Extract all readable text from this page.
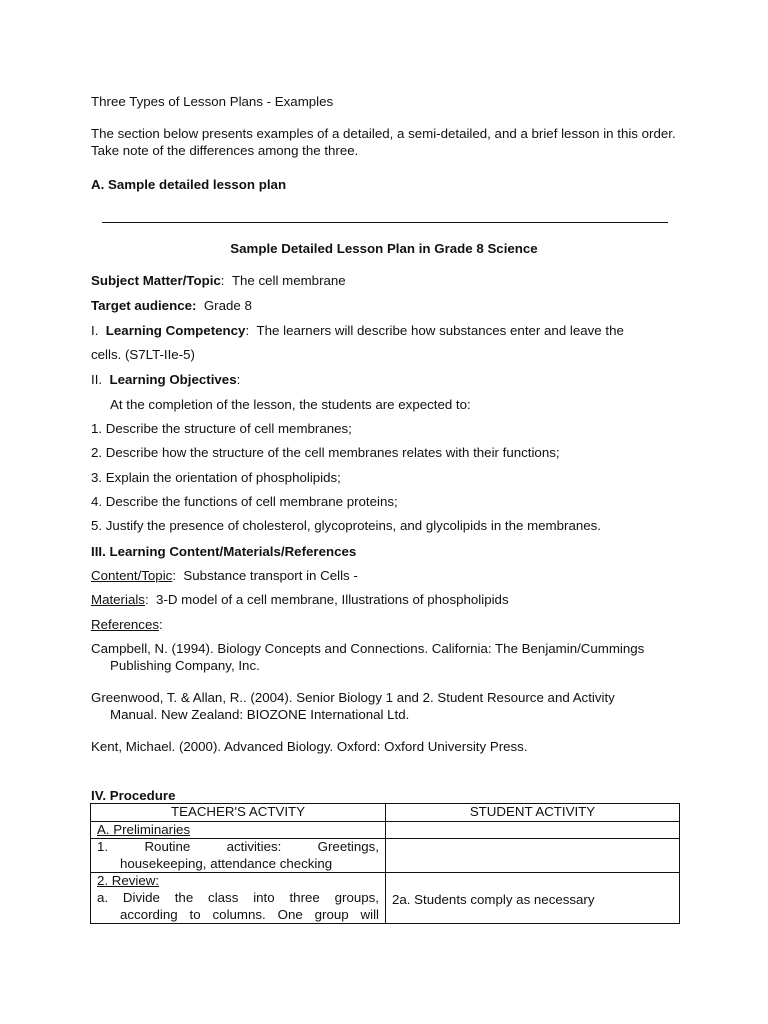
Three Types of Lesson Plans - Examples

The section below presents examples of a detailed, a semi-detailed, and a brief lesson in this order. Take note of the differences among the three.

A. Sample detailed lesson plan

Sample Detailed Lesson Plan in Grade 8 Science

Subject Matter/Topic:  The cell membrane

Target audience: Grade 8

I. Learning Competency:  The learners will describe how substances enter and leave the

cells. (S7LT-IIe-5)

II. Learning Objectives:

At the completion of the lesson, the students are expected to:

1. Describe the structure of cell membranes;

2. Describe how the structure of the cell membranes relates with their functions;

3. Explain the orientation of phospholipids;

4. Describe the functions of cell membrane proteins;

5. Justify the presence of cholesterol, glycoproteins, and glycolipids in the membranes.

III. Learning Content/Materials/References

Content/Topic:  Substance transport in Cells -

Materials:  3-D model of a cell membrane, Illustrations of phospholipids

References:

Campbell, N. (1994). Biology Concepts and Connections. California: The Benjamin/Cummings

Publishing Company, Inc.

Greenwood, T. & Allan, R.. (2004). Senior Biology 1 and 2. Student Resource and Activity

Manual. New Zealand: BIOZONE International Ltd.

Kent, Michael. (2000). Advanced Biology. Oxford: Oxford University Press.

IV. Procedure

TEACHER'S ACTVITY	STUDENT ACTIVITY
A. Preliminaries	

1. Routine activities: Greetings,
housekeeping, attendance checking	

2. Review:
a. Divide the class into three groups,
according to columns. One group will	2a. Students comply as necessary
